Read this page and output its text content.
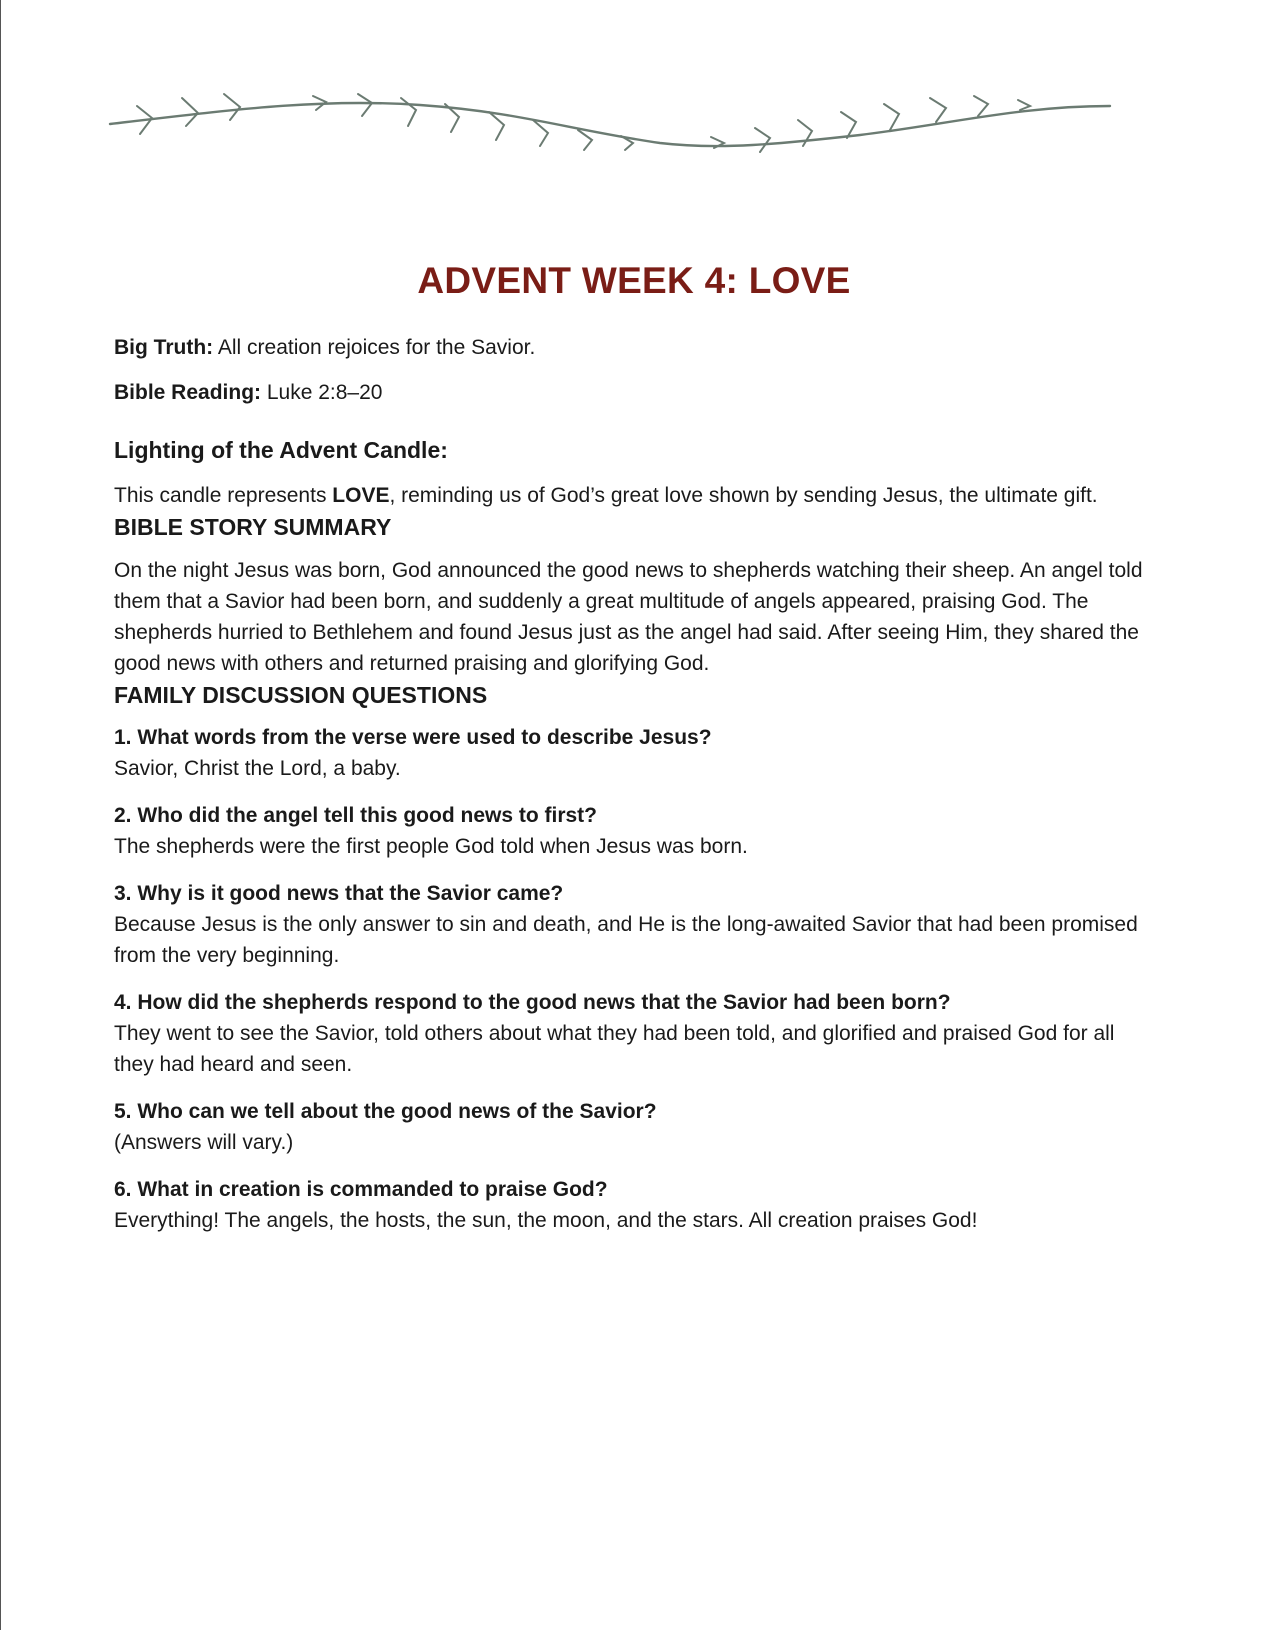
ADVENT WEEK 4: LOVE

Big Truth: All creation rejoices for the Savior.

Bible Reading: Luke 2:8–20

Lighting of the Advent Candle:

This candle represents LOVE, reminding us of God’s great love shown by sending Jesus, the ultimate gift.

BIBLE STORY SUMMARY

On the night Jesus was born, God announced the good news to shepherds watching their sheep. An angel told them that a Savior had been born, and suddenly a great multitude of angels appeared, praising God. The shepherds hurried to Bethlehem and found Jesus just as the angel had said. After seeing Him, they shared the good news with others and returned praising and glorifying God.

FAMILY DISCUSSION QUESTIONS

1. What words from the verse were used to describe Jesus?

Savior, Christ the Lord, a baby.

2. Who did the angel tell this good news to first?

The shepherds were the first people God told when Jesus was born.

3. Why is it good news that the Savior came?

Because Jesus is the only answer to sin and death, and He is the long-awaited Savior that had been promised from the very beginning.

4. How did the shepherds respond to the good news that the Savior had been born?

They went to see the Savior, told others about what they had been told, and glorified and praised God for all they had heard and seen.

5. Who can we tell about the good news of the Savior?

(Answers will vary.)

6. What in creation is commanded to praise God?

Everything! The angels, the hosts, the sun, the moon, and the stars. All creation praises God!
